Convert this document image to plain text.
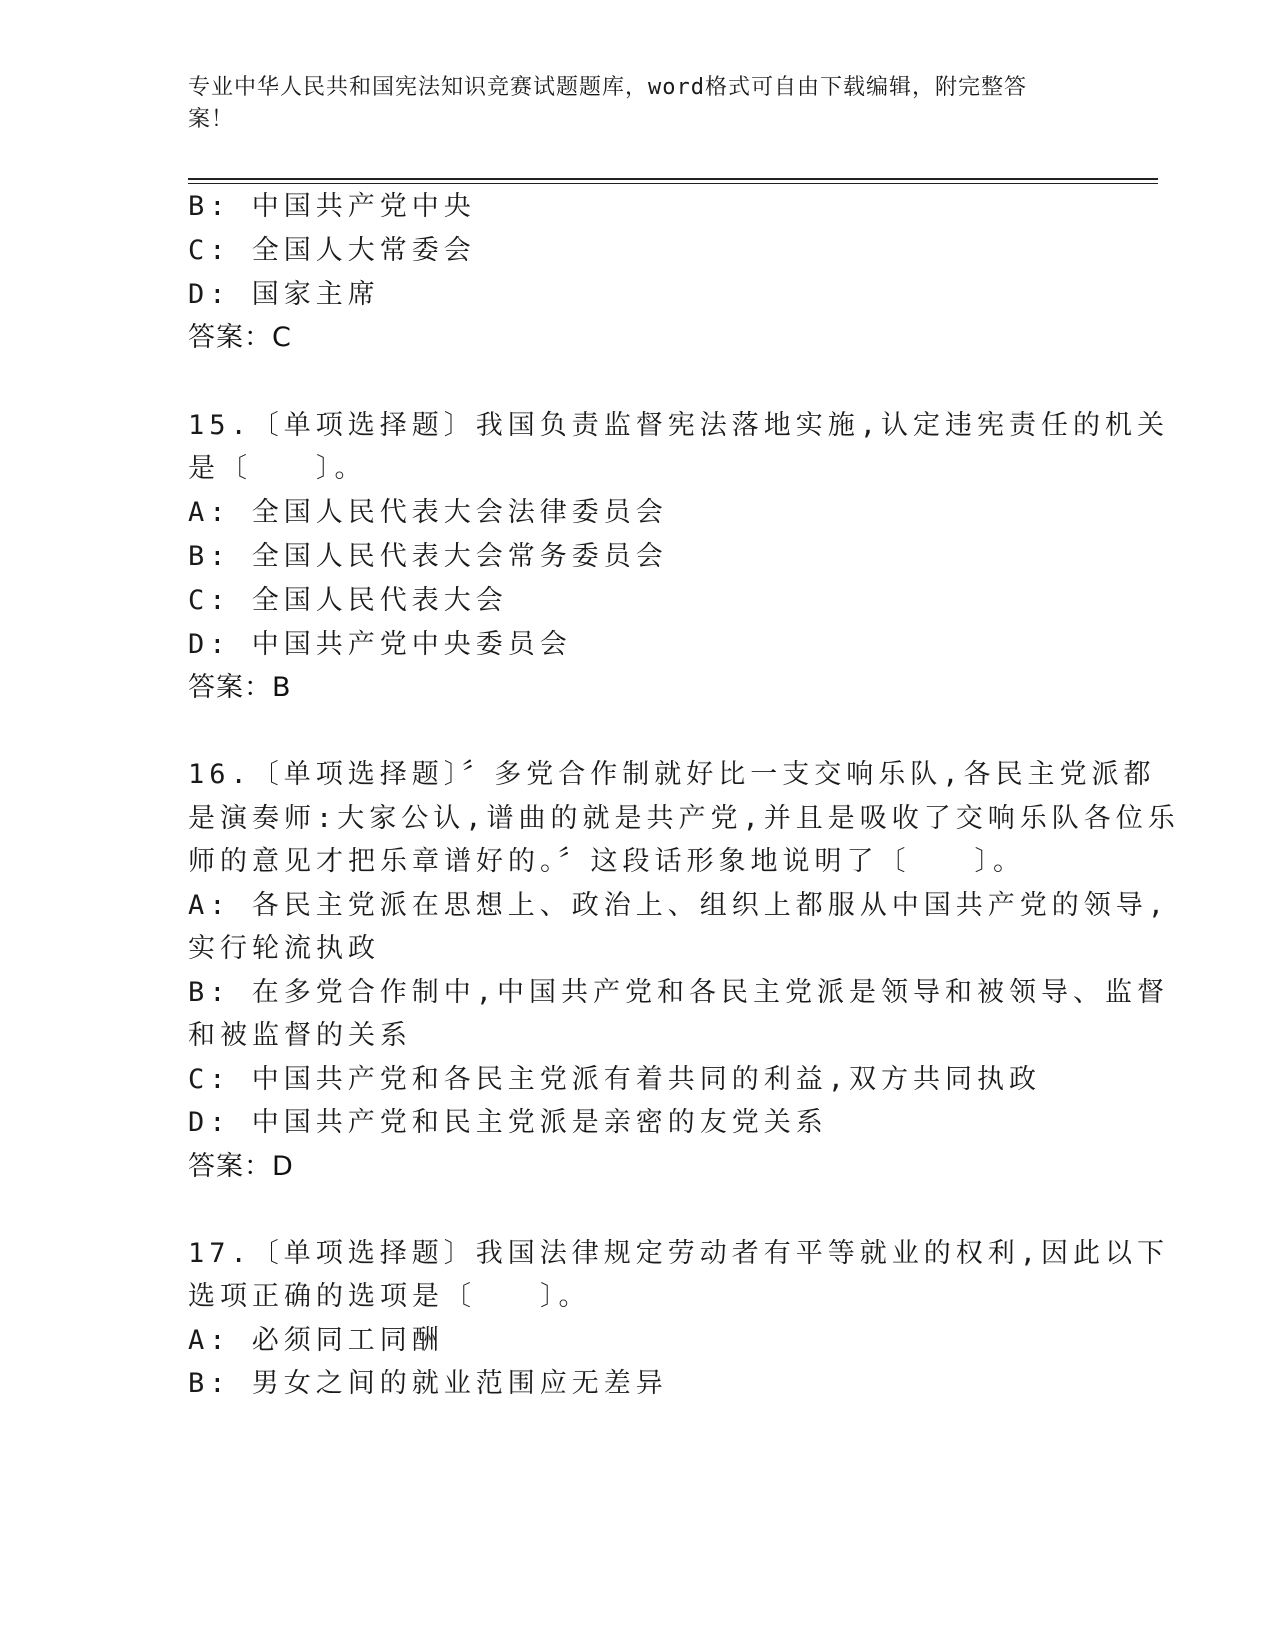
专业中华人民共和国宪法知识竞赛试题题库，word格式可自由下载编辑，附完整答案！
B: 中国共产党中央
C: 全国人大常委会
D: 国家主席
答案：C
15.〔单项选择题〕我国负责监督宪法落地实施,认定违宪责任的机关
是〔　　〕。
A: 全国人民代表大会法律委员会
B: 全国人民代表大会常务委员会
C: 全国人民代表大会
D: 中国共产党中央委员会
答案：B
16.〔单项选择题〕〞多党合作制就好比一支交响乐队,各民主党派都
是演奏师:大家公认,谱曲的就是共产党,并且是吸收了交响乐队各位乐
师的意见才把乐章谱好的。〞这段话形象地说明了〔　　〕。
A: 各民主党派在思想上、政治上、组织上都服从中国共产党的领导,
实行轮流执政
B: 在多党合作制中,中国共产党和各民主党派是领导和被领导、监督
和被监督的关系
C: 中国共产党和各民主党派有着共同的利益,双方共同执政
D: 中国共产党和民主党派是亲密的友党关系
答案：D
17.〔单项选择题〕我国法律规定劳动者有平等就业的权利,因此以下
选项正确的选项是〔　　〕。
A: 必须同工同酬
B: 男女之间的就业范围应无差异
